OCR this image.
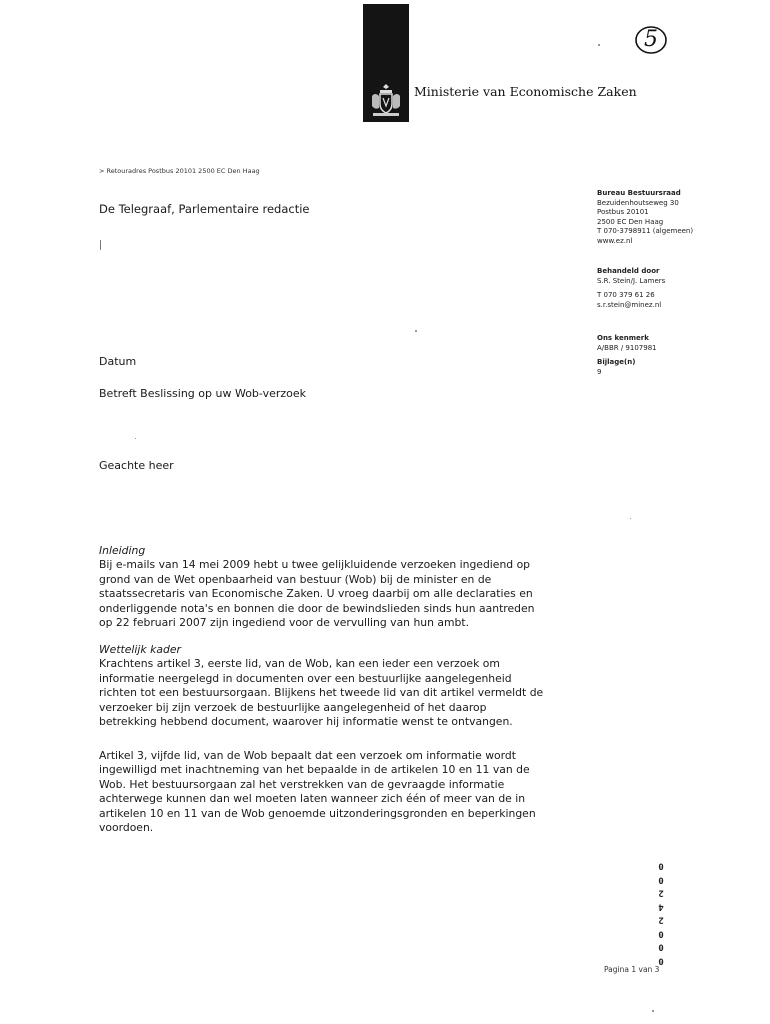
Ministerie van Economische Zaken
5
> Retouradres Postbus 20101 2500 EC Den Haag
De Telegraaf, Parlementaire redactie
Bureau Bestuursraad
Bezuidenhoutseweg 30
Postbus 20101
2500 EC Den Haag
T 070-3798911 (algemeen)
www.ez.nl
Behandeld door
S.R. Stein/J. Lamers
T 070 379 61 26
s.r.stein@minez.nl
Ons kenmerk
A/BBR / 9107981
Bijlage(n)
9
Datum
Betreft Beslissing op uw Wob-verzoek
Geachte heer
Inleiding
Bij e-mails van 14 mei 2009 hebt u twee gelijkluidende verzoeken ingediend op
grond van de Wet openbaarheid van bestuur (Wob) bij de minister en de
staatssecretaris van Economische Zaken. U vroeg daarbij om alle declaraties en
onderliggende nota's en bonnen die door de bewindslieden sinds hun aantreden
op 22 februari 2007 zijn ingediend voor de vervulling van hun ambt.
Wettelijk kader
Krachtens artikel 3, eerste lid, van de Wob, kan een ieder een verzoek om
informatie neergelegd in documenten over een bestuurlijke aangelegenheid
richten tot een bestuursorgaan. Blijkens het tweede lid van dit artikel vermeldt de
verzoeker bij zijn verzoek de bestuurlijke aangelegenheid of het daarop
betrekking hebbend document, waarover hij informatie wenst te ontvangen.
Artikel 3, vijfde lid, van de Wob bepaalt dat een verzoek om informatie wordt
ingewilligd met inachtneming van het bepaalde in de artikelen 10 en 11 van de
Wob. Het bestuursorgaan zal het verstrekken van de gevraagde informatie
achterwege kunnen dan wel moeten laten wanneer zich één of meer van de in
artikelen 10 en 11 van de Wob genoemde uitzonderingsgronden en beperkingen
voordoen.
0
0
2
4
2
0
0
0
Pagina 1 van 3
